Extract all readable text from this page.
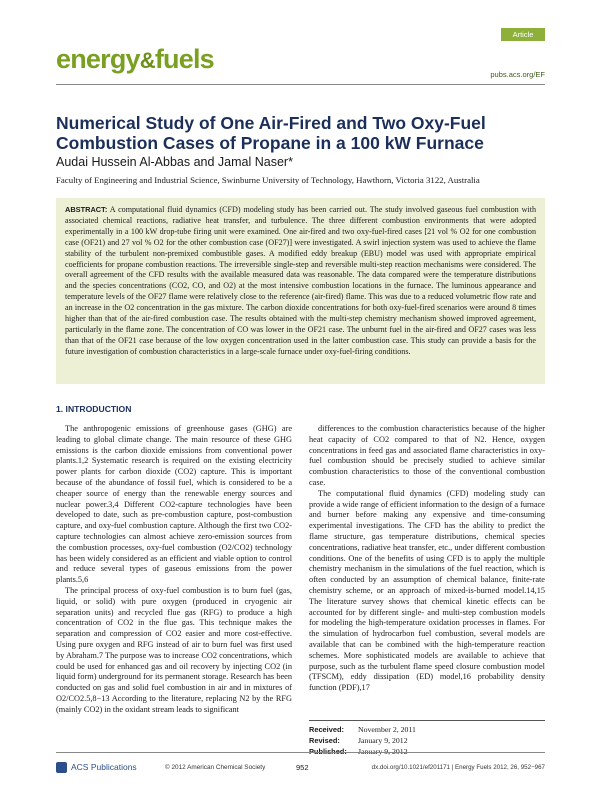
energy&fuels
Article
pubs.acs.org/EF
Numerical Study of One Air-Fired and Two Oxy-Fuel Combustion Cases of Propane in a 100 kW Furnace
Audai Hussein Al-Abbas and Jamal Naser*
Faculty of Engineering and Industrial Science, Swinburne University of Technology, Hawthorn, Victoria 3122, Australia
ABSTRACT: A computational fluid dynamics (CFD) modeling study has been carried out. The study involved gaseous fuel combustion with associated chemical reactions, radiative heat transfer, and turbulence. The three different combustion environments that were adopted experimentally in a 100 kW drop-tube firing unit were examined. One air-fired and two oxy-fuel-fired cases [21 vol % O2 for one combustion case (OF21) and 27 vol % O2 for the other combustion case (OF27)] were investigated. A swirl injection system was used to achieve the flame stability of the turbulent non-premixed combustible gases. A modified eddy breakup (EBU) model was used with appropriate empirical coefficients for propane combustion reactions. The irreversible single-step and reversible multi-step reaction mechanisms were considered. The overall agreement of the CFD results with the available measured data was reasonable. The data compared were the temperature distributions and the species concentrations (CO2, CO, and O2) at the most intensive combustion locations in the furnace. The luminous appearance and temperature levels of the OF27 flame were relatively close to the reference (air-fired) flame. This was due to a reduced volumetric flow rate and an increase in the O2 concentration in the gas mixture. The carbon dioxide concentrations for both oxy-fuel-fired scenarios were around 8 times higher than that of the air-fired combustion case. The results obtained with the multi-step chemistry mechanism showed improved agreement, particularly in the flame zone. The concentration of CO was lower in the OF21 case. The unburnt fuel in the air-fired and OF27 cases was less than that of the OF21 case because of the low oxygen concentration used in the latter combustion case. This study can provide a basis for the future investigation of combustion characteristics in a large-scale furnace under oxy-fuel-firing conditions.
1. INTRODUCTION

The anthropogenic emissions of greenhouse gases (GHG) are leading to global climate change. The main resource of these GHG emissions is the carbon dioxide emissions from conventional power plants.1,2 Systematic research is required on the existing electricity power plants for carbon dioxide (CO2) capture. This is important because of the abundance of fossil fuel, which is considered to be a cheaper source of energy than the renewable energy sources and nuclear power.3,4 Different CO2-capture technologies have been developed to date, such as pre-combustion capture, post-combustion capture, and oxy-fuel combustion capture. Although the first two CO2-capture technologies can almost achieve zero-emission sources from the combustion processes, oxy-fuel combustion (O2/CO2) technology has been widely considered as an efficient and viable option to control and reduce several types of gaseous emissions from the power plants.5,6

The principal process of oxy-fuel combustion is to burn fuel (gas, liquid, or solid) with pure oxygen (produced in cryogenic air separation units) and recycled flue gas (RFG) to produce a high concentration of CO2 in the flue gas. This technique makes the separation and compression of CO2 easier and more cost-effective. Using pure oxygen and RFG instead of air to burn fuel was first used by Abraham.7 The purpose was to increase CO2 concentrations, which could be used for enhanced gas and oil recovery by injecting CO2 (in liquid form) underground for its permanent storage. Research has been conducted on gas and solid fuel combustion in air and in mixtures of O2/CO2.5,8−13 According to the literature, replacing N2 by the RFG (mainly CO2) in the oxidant stream leads to significant

differences to the combustion characteristics because of the higher heat capacity of CO2 compared to that of N2. Hence, oxygen concentrations in feed gas and associated flame characteristics in oxy-fuel combustion should be precisely studied to achieve similar combustion characteristics to those of the conventional combustion case.

The computational fluid dynamics (CFD) modeling study can provide a wide range of efficient information to the design of a furnace and burner before making any expensive and time-consuming experimental investigations. The CFD has the ability to predict the flame structure, gas temperature distributions, chemical species concentrations, radiative heat transfer, etc., under different combustion conditions. One of the benefits of using CFD is to apply the multiple chemistry mechanism in the simulations of the fuel reaction, which is often conducted by an assumption of chemical balance, finite-rate chemistry scheme, or an approach of mixed-is-burned model.14,15 The literature survey shows that chemical kinetic effects can be accounted for by different single- and multi-step combustion models for modeling the high-temperature oxidation processes in flames. For the simulation of hydrocarbon fuel combustion, several models are available that can be combined with the high-temperature reaction schemes. More sophisticated models are available to achieve that purpose, such as the turbulent flame speed closure combustion model (TFSCM), eddy dissipation (ED) model,16 probability density function (PDF),17

Received: November 2, 2011
Revised: January 9, 2012
ACS Publications	© 2012 American Chemical Society	952	dx.doi.org/10.1021/ef201171 | Energy Fuels 2012, 26, 952−967
